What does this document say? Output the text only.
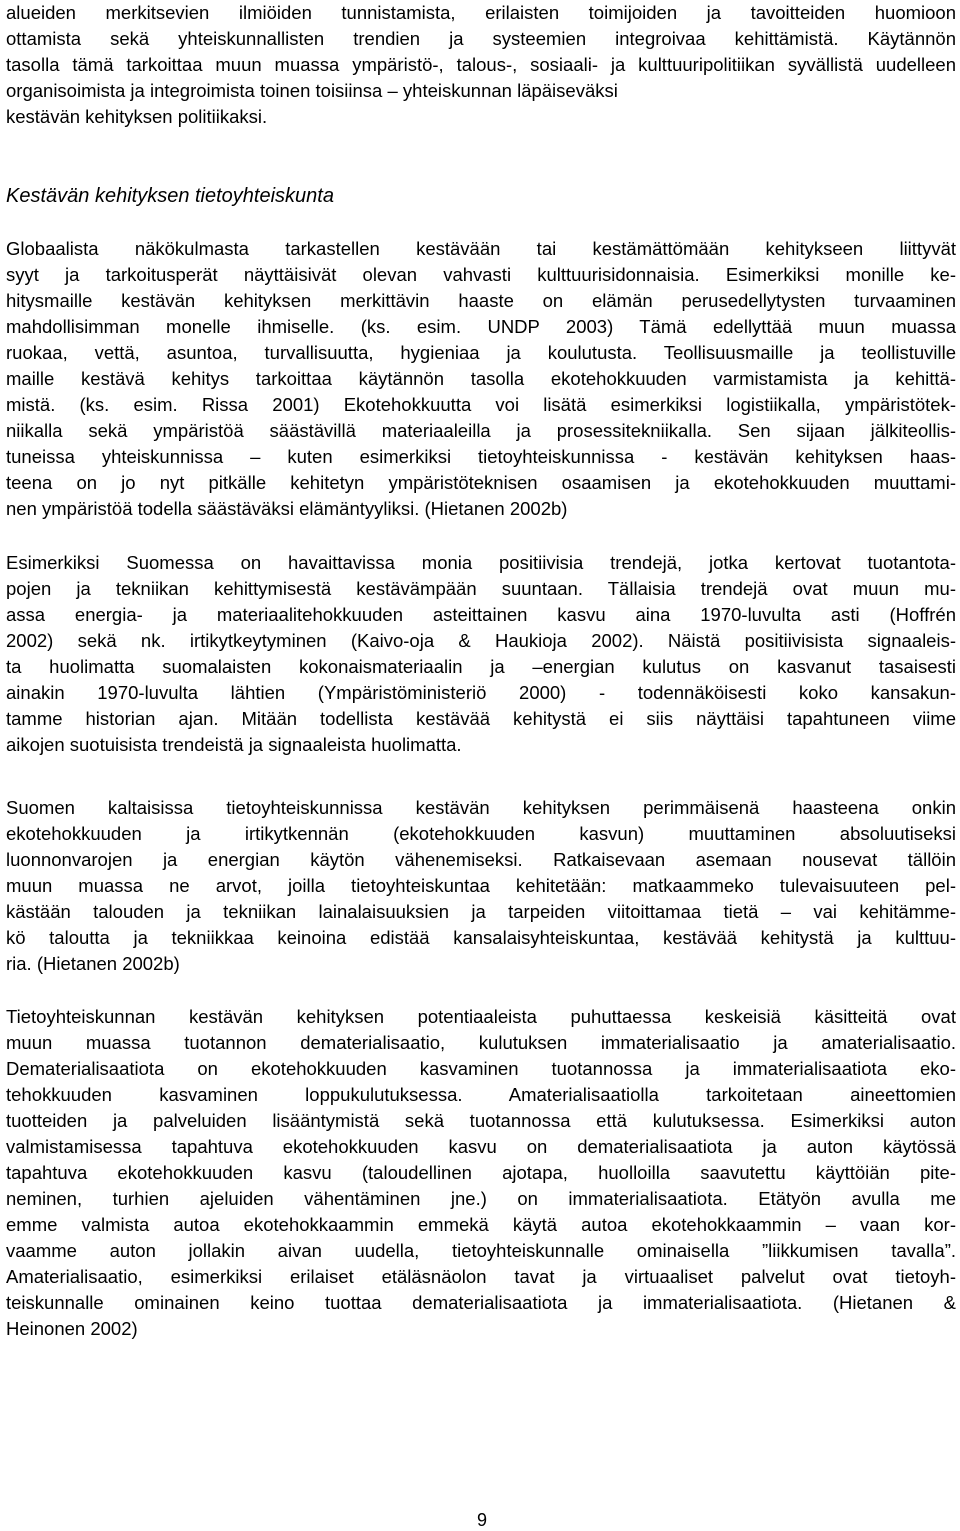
alueiden merkitsevien ilmiöiden tunnistamista, erilaisten toimijoiden ja tavoitteiden huomioon
ottamista sekä yhteiskunnallisten trendien ja systeemien integroivaa kehittämistä. Käytännön
tasolla tämä tarkoittaa muun muassa ympäristö-, talous-, sosiaali- ja kulttuuripolitiikan syvällistä uudelleen organisoimista ja integroimista toinen toisiinsa – yhteiskunnan läpäiseväksi
kestävän kehityksen politiikaksi.
Kestävän kehityksen tietoyhteiskunta
Globaalista näkökulmasta tarkastellen kestävään tai kestämättömään kehitykseen liittyvät
syyt ja tarkoitusperät näyttäisivät olevan vahvasti kulttuurisidonnaisia. Esimerkiksi monille ke-
hitysmaille kestävän kehityksen merkittävin haaste on elämän perusedellytysten turvaaminen
mahdollisimman monelle ihmiselle. (ks. esim. UNDP 2003) Tämä edellyttää muun muassa
ruokaa, vettä, asuntoa, turvallisuutta, hygieniaa ja koulutusta. Teollisuusmaille ja teollistuville
maille kestävä kehitys tarkoittaa käytännön tasolla ekotehokkuuden varmistamista ja kehittä-
mistä. (ks. esim. Rissa 2001) Ekotehokkuutta voi lisätä esimerkiksi logistiikalla, ympäristötek-
niikalla sekä ympäristöä säästävillä materiaaleilla ja prosessitekniikalla. Sen sijaan jälkiteollis-
tuneissa yhteiskunnissa – kuten esimerkiksi tietoyhteiskunnissa - kestävän kehityksen haas-
teena on jo nyt pitkälle kehitetyn ympäristöteknisen osaamisen ja ekotehokkuuden muuttami-
nen ympäristöä todella säästäväksi elämäntyyliksi. (Hietanen 2002b)
Esimerkiksi Suomessa on havaittavissa monia positiivisia trendejä, jotka kertovat tuotantota-
pojen ja tekniikan kehittymisestä kestävämpään suuntaan. Tällaisia trendejä ovat muun mu-
assa energia- ja materiaalitehokkuuden asteittainen kasvu aina 1970-luvulta asti (Hoffrén
2002) sekä nk. irtikytkeytyminen (Kaivo-oja & Haukioja 2002). Näistä positiivisista signaaleis-
ta huolimatta suomalaisten kokonaismateriaalin ja –energian kulutus on kasvanut tasaisesti
ainakin 1970-luvulta lähtien (Ympäristöministeriö 2000) - todennäköisesti koko kansakun-
tamme historian ajan. Mitään todellista kestävää kehitystä ei siis näyttäisi tapahtuneen viime
aikojen suotuisista trendeistä ja signaaleista huolimatta.
Suomen kaltaisissa tietoyhteiskunnissa kestävän kehityksen perimmäisenä haasteena onkin
ekotehokkuuden ja irtikytkennän (ekotehokkuuden kasvun) muuttaminen absoluutiseksi
luonnonvarojen ja energian käytön vähenemiseksi. Ratkaisevaan asemaan nousevat tällöin
muun muassa ne arvot, joilla tietoyhteiskuntaa kehitetään: matkaammeko tulevaisuuteen pel-
kästään talouden ja tekniikan lainalaisuuksien ja tarpeiden viitoittamaa tietä – vai kehitämme-
kö taloutta ja tekniikkaa keinoina edistää kansalaisyhteiskuntaa, kestävää kehitystä ja kulttuu-
ria. (Hietanen 2002b)
Tietoyhteiskunnan kestävän kehityksen potentiaaleista puhuttaessa keskeisiä käsitteitä ovat
muun muassa tuotannon dematerialisaatio, kulutuksen immaterialisaatio ja amaterialisaatio.
Dematerialisaatiota on ekotehokkuuden kasvaminen tuotannossa ja immaterialisaatiota eko-
tehokkuuden kasvaminen loppukulutuksessa. Amaterialisaatiolla tarkoitetaan aineettomien
tuotteiden ja palveluiden lisääntymistä sekä tuotannossa että kulutuksessa. Esimerkiksi auton
valmistamisessa tapahtuva ekotehokkuuden kasvu on dematerialisaatiota ja auton käytössä
tapahtuva ekotehokkuuden kasvu (taloudellinen ajotapa, huolloilla saavutettu käyttöiän pite-
neminen, turhien ajeluiden vähentäminen jne.) on immaterialisaatiota. Etätyön avulla me
emme valmista autoa ekotehokkaammin emmekä käytä autoa ekotehokkaammin – vaan kor-
vaamme auton jollakin aivan uudella, tietoyhteiskunnalle ominaisella ”liikkumisen tavalla”.
Amaterialisaatio, esimerkiksi erilaiset etäläsnäolon tavat ja virtuaaliset palvelut ovat tietoyh-
teiskunnalle ominainen keino tuottaa dematerialisaatiota ja immaterialisaatiota. (Hietanen &
Heinonen 2002)
9
